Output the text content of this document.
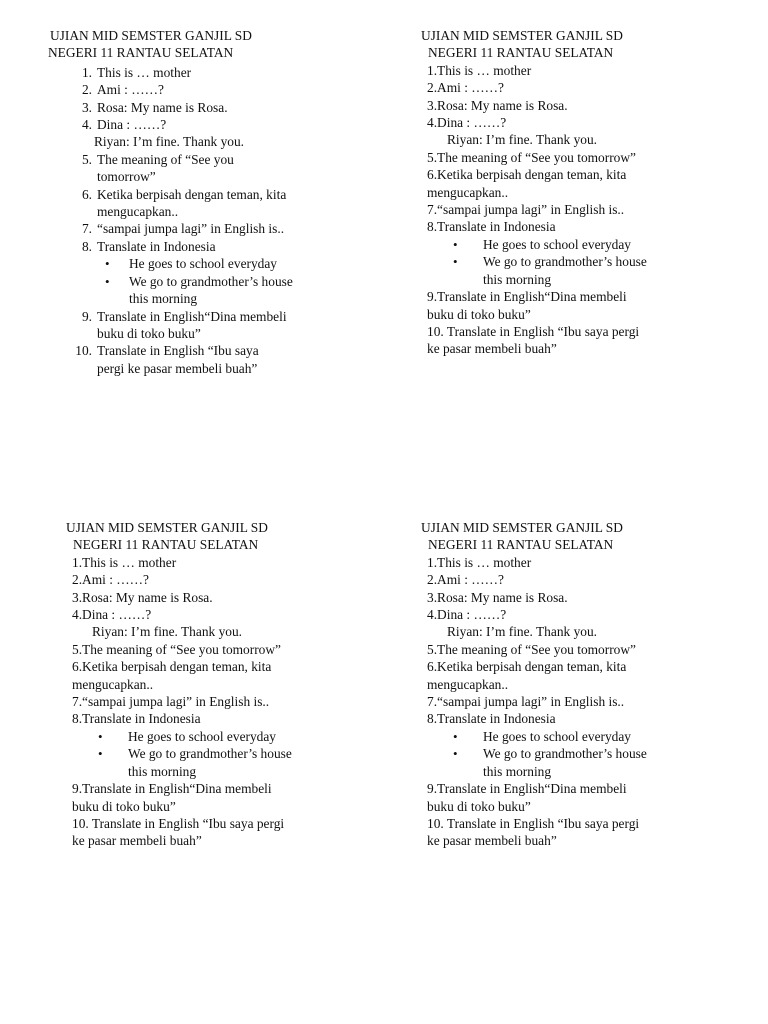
UJIAN MID SEMSTER GANJIL SD
NEGERI 11 RANTAU SELATAN
1. This is … mother
2. Ami : ……?
3. Rosa: My name is Rosa.
4. Dina : ……?
Riyan: I’m fine. Thank you.
5. The meaning of “See you
tomorrow”
6. Ketika berpisah dengan teman, kita
mengucapkan..
7. “sampai jumpa lagi” in English is..
8. Translate in Indonesia
• He goes to school everyday
• We go to grandmother’s house
this morning
9. Translate in English“Dina membeli
buku di toko buku”
10. Translate in English “Ibu saya
pergi ke pasar membeli buah”
UJIAN MID SEMSTER GANJIL SD
NEGERI 11 RANTAU SELATAN
1.This is … mother
2.Ami : ……?
3.Rosa: My name is Rosa.
4.Dina : ……?
Riyan: I’m fine. Thank you.
5.The meaning of “See you tomorrow”
6.Ketika berpisah dengan teman, kita
mengucapkan..
7.“sampai jumpa lagi” in English is..
8.Translate in Indonesia
• He goes to school everyday
• We go to grandmother’s house
this morning
9.Translate in English“Dina membeli
buku di toko buku”
10. Translate in English “Ibu saya pergi
ke pasar membeli buah”
UJIAN MID SEMSTER GANJIL SD
NEGERI 11 RANTAU SELATAN
1.This is … mother
2.Ami : ……?
3.Rosa: My name is Rosa.
4.Dina : ……?
Riyan: I’m fine. Thank you.
5.The meaning of “See you tomorrow”
6.Ketika berpisah dengan teman, kita
mengucapkan..
7.“sampai jumpa lagi” in English is..
8.Translate in Indonesia
• He goes to school everyday
• We go to grandmother’s house
this morning
9.Translate in English“Dina membeli
buku di toko buku”
10. Translate in English “Ibu saya pergi
ke pasar membeli buah”
UJIAN MID SEMSTER GANJIL SD
NEGERI 11 RANTAU SELATAN
1.This is … mother
2.Ami : ……?
3.Rosa: My name is Rosa.
4.Dina : ……?
Riyan: I’m fine. Thank you.
5.The meaning of “See you tomorrow”
6.Ketika berpisah dengan teman, kita
mengucapkan..
7.“sampai jumpa lagi” in English is..
8.Translate in Indonesia
• He goes to school everyday
• We go to grandmother’s house
this morning
9.Translate in English“Dina membeli
buku di toko buku”
10. Translate in English “Ibu saya pergi
ke pasar membeli buah”
